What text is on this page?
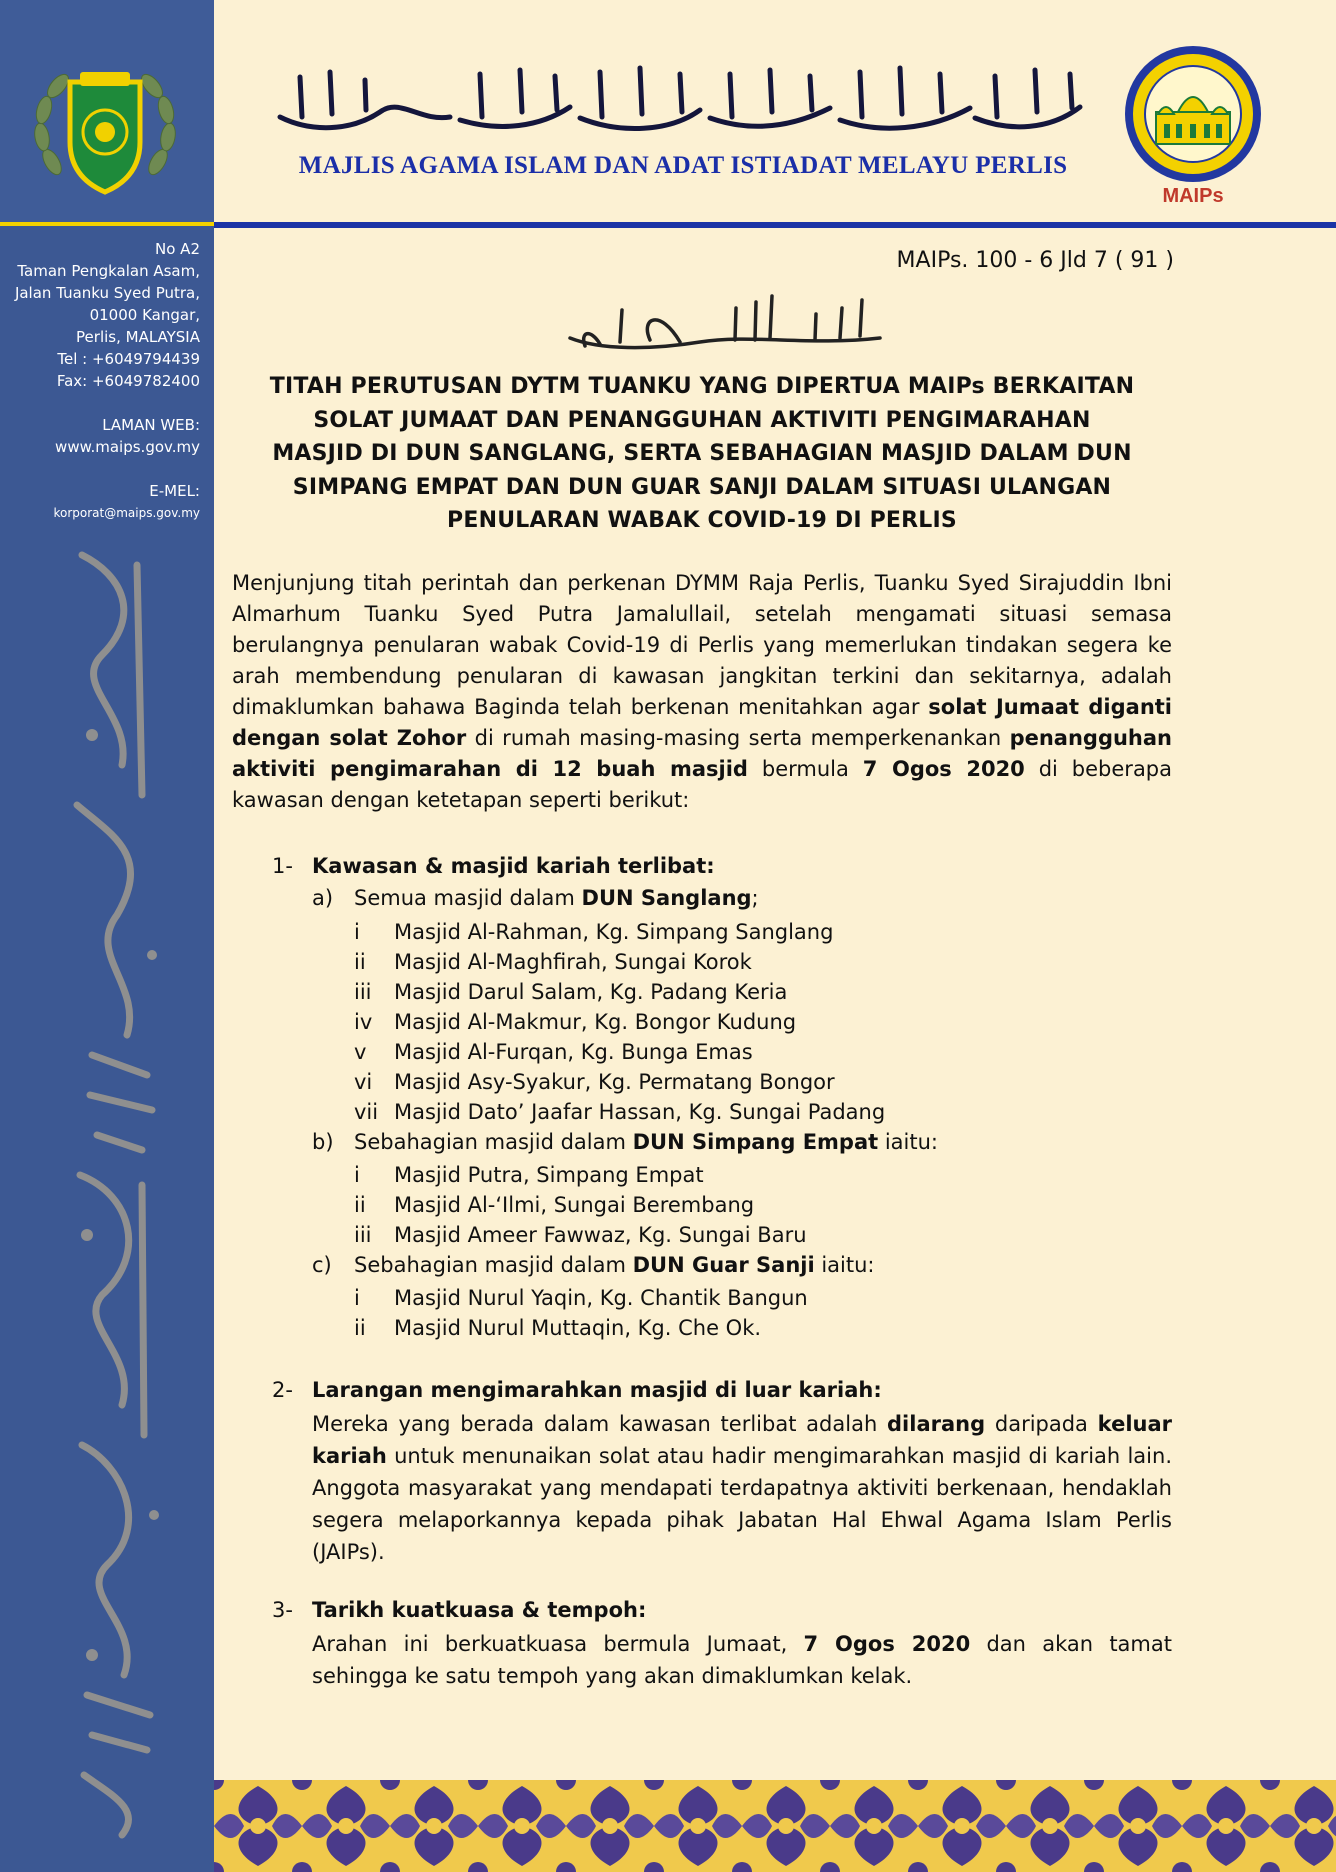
No A2
Taman Pengkalan Asam,
Jalan Tuanku Syed Putra,
01000 Kangar,
Perlis, MALAYSIA
Tel : +6049794439
Fax: +6049782400
LAMAN WEB:
www.maips.gov.my
E-MEL:
korporat@maips.gov.my
MAJLIS AGAMA ISLAM DAN ADAT ISTIADAT MELAYU PERLIS
MAIPs
MAIPs. 100 - 6 Jld 7 ( 91 )
TITAH PERUTUSAN DYTM TUANKU YANG DIPERTUA MAIPs BERKAITAN
SOLAT JUMAAT DAN PENANGGUHAN AKTIVITI PENGIMARAHAN
MASJID DI DUN SANGLANG, SERTA SEBAHAGIAN MASJID DALAM DUN
SIMPANG EMPAT DAN DUN GUAR SANJI DALAM SITUASI ULANGAN
PENULARAN WABAK COVID-19 DI PERLIS
Menjunjung titah perintah dan perkenan DYMM Raja Perlis, Tuanku Syed Sirajuddin Ibni Almarhum Tuanku Syed Putra Jamalullail, setelah mengamati situasi semasa berulangnya penularan wabak Covid-19 di Perlis yang memerlukan tindakan segera ke arah membendung penularan di kawasan jangkitan terkini dan sekitarnya, adalah dimaklumkan bahawa Baginda telah berkenan menitahkan agar solat Jumaat diganti dengan solat Zohor di rumah masing-masing serta memperkenankan penangguhan aktiviti pengimarahan di 12 buah masjid bermula 7 Ogos 2020 di beberapa kawasan dengan ketetapan seperti berikut:
1- Kawasan & masjid kariah terlibat:
a) Semua masjid dalam DUN Sanglang;
i Masjid Al-Rahman, Kg. Simpang Sanglang
ii Masjid Al-Maghfirah, Sungai Korok
iii Masjid Darul Salam, Kg. Padang Keria
iv Masjid Al-Makmur, Kg. Bongor Kudung
v Masjid Al-Furqan, Kg. Bunga Emas
vi Masjid Asy-Syakur, Kg. Permatang Bongor
vii Masjid Dato’ Jaafar Hassan, Kg. Sungai Padang
b) Sebahagian masjid dalam DUN Simpang Empat iaitu:
i Masjid Putra, Simpang Empat
ii Masjid Al-‘Ilmi, Sungai Berembang
iii Masjid Ameer Fawwaz, Kg. Sungai Baru
c) Sebahagian masjid dalam DUN Guar Sanji iaitu:
i Masjid Nurul Yaqin, Kg. Chantik Bangun
ii Masjid Nurul Muttaqin, Kg. Che Ok.
2- Larangan mengimarahkan masjid di luar kariah:
Mereka yang berada dalam kawasan terlibat adalah dilarang daripada keluar kariah untuk menunaikan solat atau hadir mengimarahkan masjid di kariah lain. Anggota masyarakat yang mendapati terdapatnya aktiviti berkenaan, hendaklah segera melaporkannya kepada pihak Jabatan Hal Ehwal Agama Islam Perlis (JAIPs).
3- Tarikh kuatkuasa & tempoh:
Arahan ini berkuatkuasa bermula Jumaat, 7 Ogos 2020 dan akan tamat sehingga ke satu tempoh yang akan dimaklumkan kelak.
